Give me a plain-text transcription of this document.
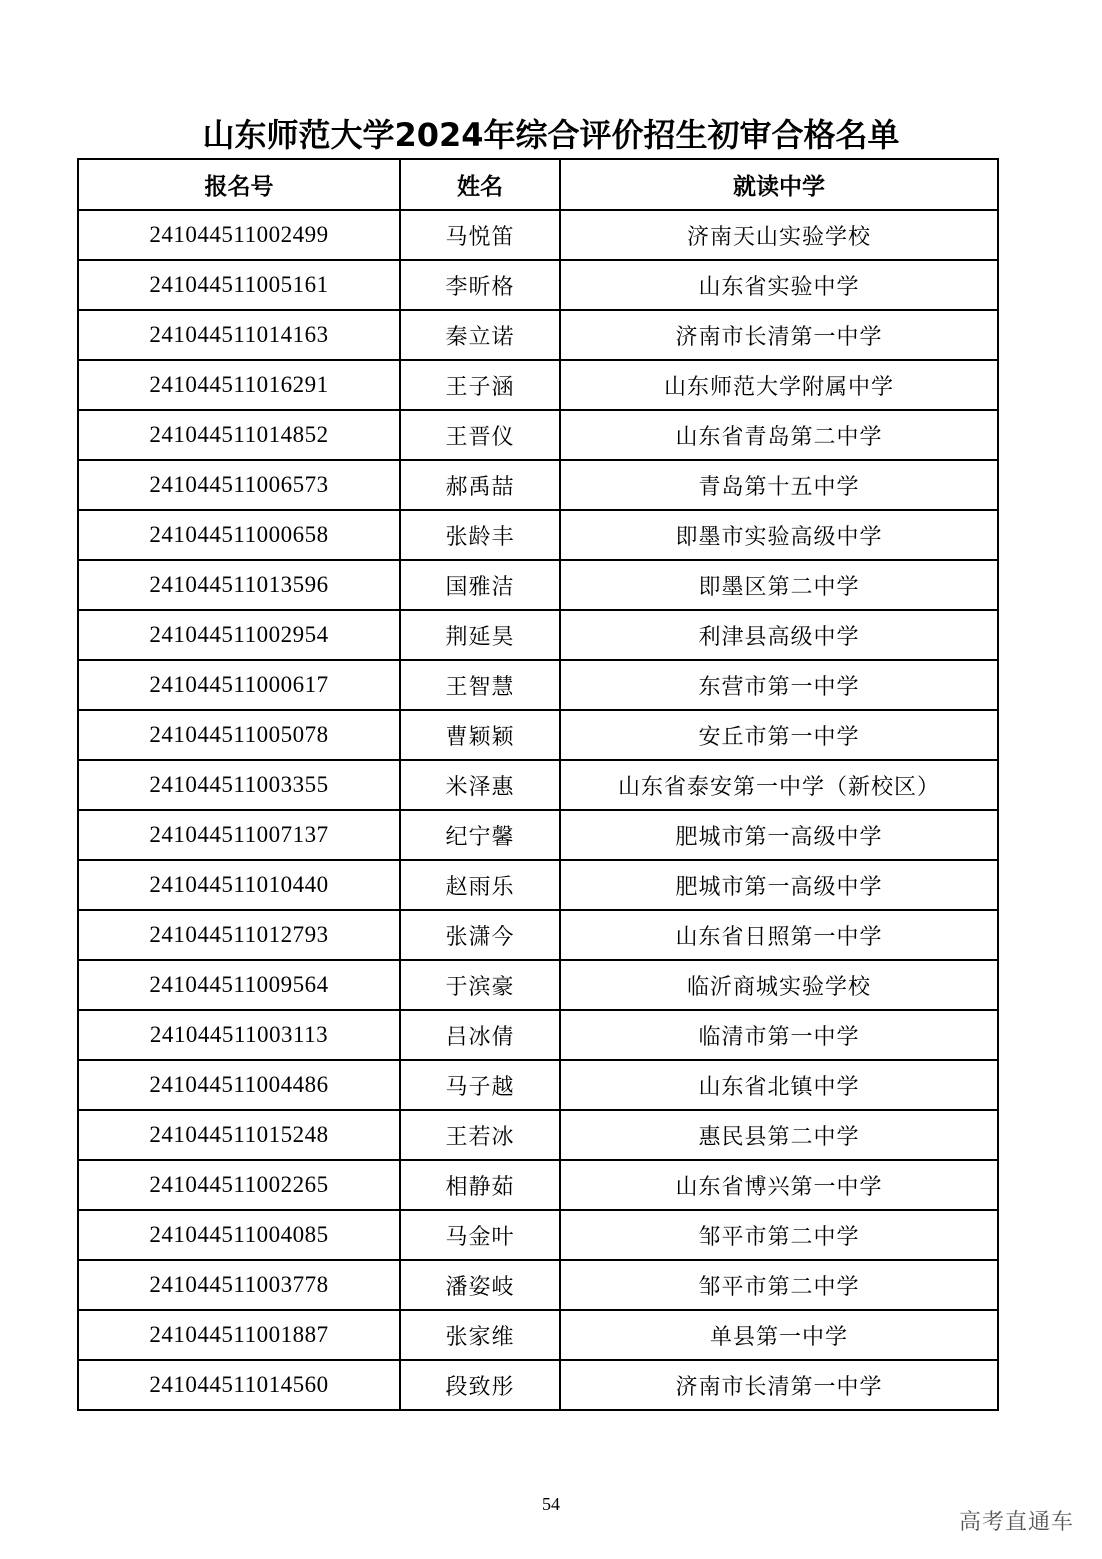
山东师范大学2024年综合评价招生初审合格名单
报名号	姓名	就读中学
241044511002499	马悦笛	济南天山实验学校
241044511005161	李昕格	山东省实验中学
241044511014163	秦立诺	济南市长清第一中学
241044511016291	王子涵	山东师范大学附属中学
241044511014852	王晋仪	山东省青岛第二中学
241044511006573	郝禹喆	青岛第十五中学
241044511000658	张龄丰	即墨市实验高级中学
241044511013596	国雅洁	即墨区第二中学
241044511002954	荆延昊	利津县高级中学
241044511000617	王智慧	东营市第一中学
241044511005078	曹颖颖	安丘市第一中学
241044511003355	米泽惠	山东省泰安第一中学（新校区）
241044511007137	纪宁馨	肥城市第一高级中学
241044511010440	赵雨乐	肥城市第一高级中学
241044511012793	张潇今	山东省日照第一中学
241044511009564	于滨豪	临沂商城实验学校
241044511003113	吕冰倩	临清市第一中学
241044511004486	马子越	山东省北镇中学
241044511015248	王若冰	惠民县第二中学
241044511002265	相静茹	山东省博兴第一中学
241044511004085	马金叶	邹平市第二中学
241044511003778	潘姿岐	邹平市第二中学
241044511001887	张家维	单县第一中学
241044511014560	段致彤	济南市长清第一中学
54
高考直通车
